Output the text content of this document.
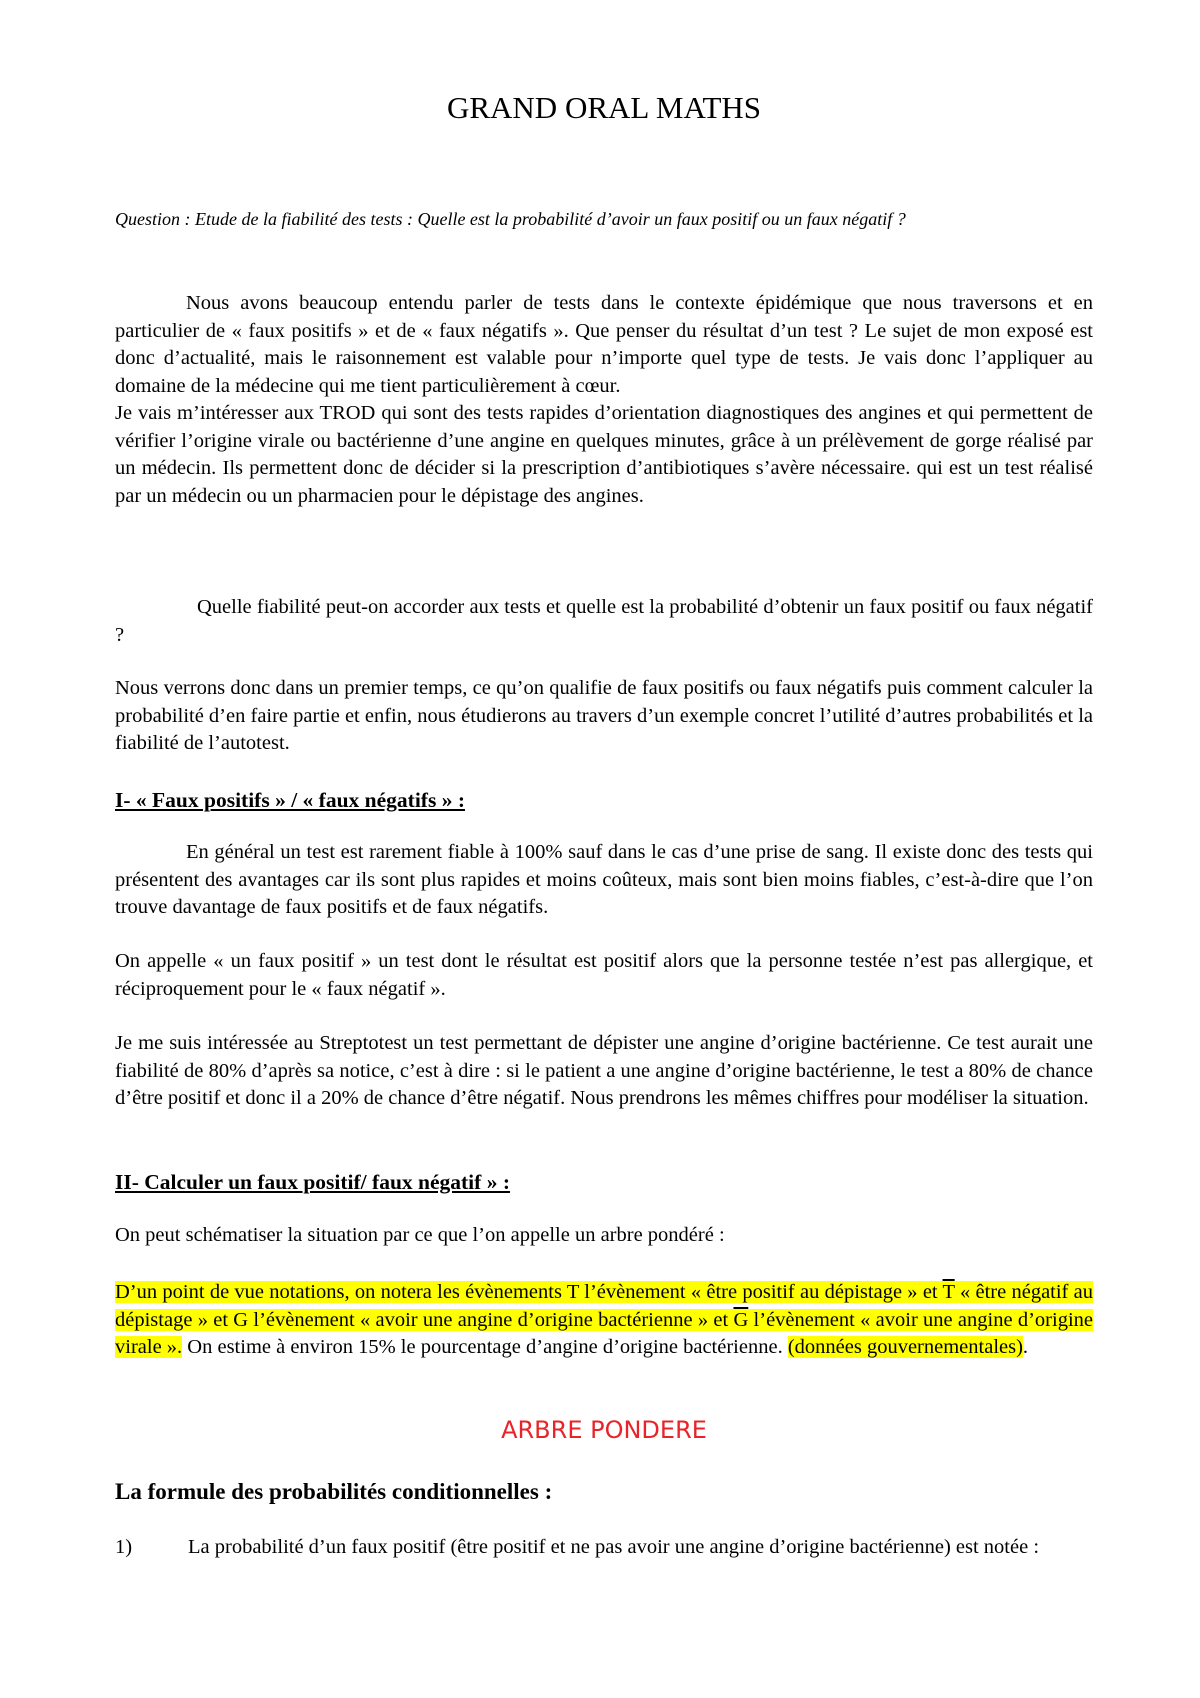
GRAND ORAL MATHS

Question : Etude de la fiabilité des tests : Quelle est la probabilité d’avoir un faux positif ou un faux négatif ?

Nous avons beaucoup entendu parler de tests dans le contexte épidémique que nous traversons et en particulier de « faux positifs » et de « faux négatifs ». Que penser du résultat d’un test ? Le sujet de mon exposé est donc d’actualité, mais le raisonnement est valable pour n’importe quel type de tests. Je vais donc l’appliquer au domaine de la médecine qui me tient particulièrement à cœur.

Je vais m’intéresser aux TROD qui sont des tests rapides d’orientation diagnostiques des angines et qui permettent de vérifier l’origine virale ou bactérienne d’une angine en quelques minutes, grâce à un prélèvement de gorge réalisé par un médecin. Ils permettent donc de décider si la prescription d’antibiotiques s’avère nécessaire. qui est un test réalisé par un médecin ou un pharmacien pour le dépistage des angines.

Quelle fiabilité peut-on accorder aux tests et quelle est la probabilité d’obtenir un faux positif ou faux négatif ?

Nous verrons donc dans un premier temps, ce qu’on qualifie de faux positifs ou faux négatifs puis comment calculer la probabilité d’en faire partie et enfin, nous étudierons au travers d’un exemple concret l’utilité d’autres probabilités et la fiabilité de l’autotest.

I- « Faux positifs » / « faux négatifs » :

En général un test est rarement fiable à 100% sauf dans le cas d’une prise de sang. Il existe donc des tests qui présentent des avantages car ils sont plus rapides et moins coûteux, mais sont bien moins fiables, c’est-à-dire que l’on trouve davantage de faux positifs et de faux négatifs.

On appelle « un faux positif » un test dont le résultat est positif alors que la personne testée n’est pas allergique, et réciproquement pour le « faux négatif ».

Je me suis intéressée au Streptotest un test permettant de dépister une angine d’origine bactérienne. Ce test aurait une fiabilité de 80% d’après sa notice, c’est à dire : si le patient a une angine d’origine bactérienne, le test a 80% de chance d’être positif et donc il a 20% de chance d’être négatif. Nous prendrons les mêmes chiffres pour modéliser la situation.

II- Calculer un faux positif/ faux négatif » :

On peut schématiser la situation par ce que l’on appelle un arbre pondéré :

D’un point de vue notations, on notera les évènements T l’évènement « être positif au dépistage » et $\overline{T}$ « être négatif au dépistage » et G l’évènement « avoir une angine d’origine bactérienne » et $\overline{G}$ l’évènement « avoir une angine d’origine virale ». On estime à environ 15% le pourcentage d’angine d’origine bactérienne. (données gouvernementales).

ARBRE PONDERE
La formule des probabilités conditionnelles :
1)	La probabilité d’un faux positif (être positif et ne pas avoir une angine d’origine bactérienne) est notée :
